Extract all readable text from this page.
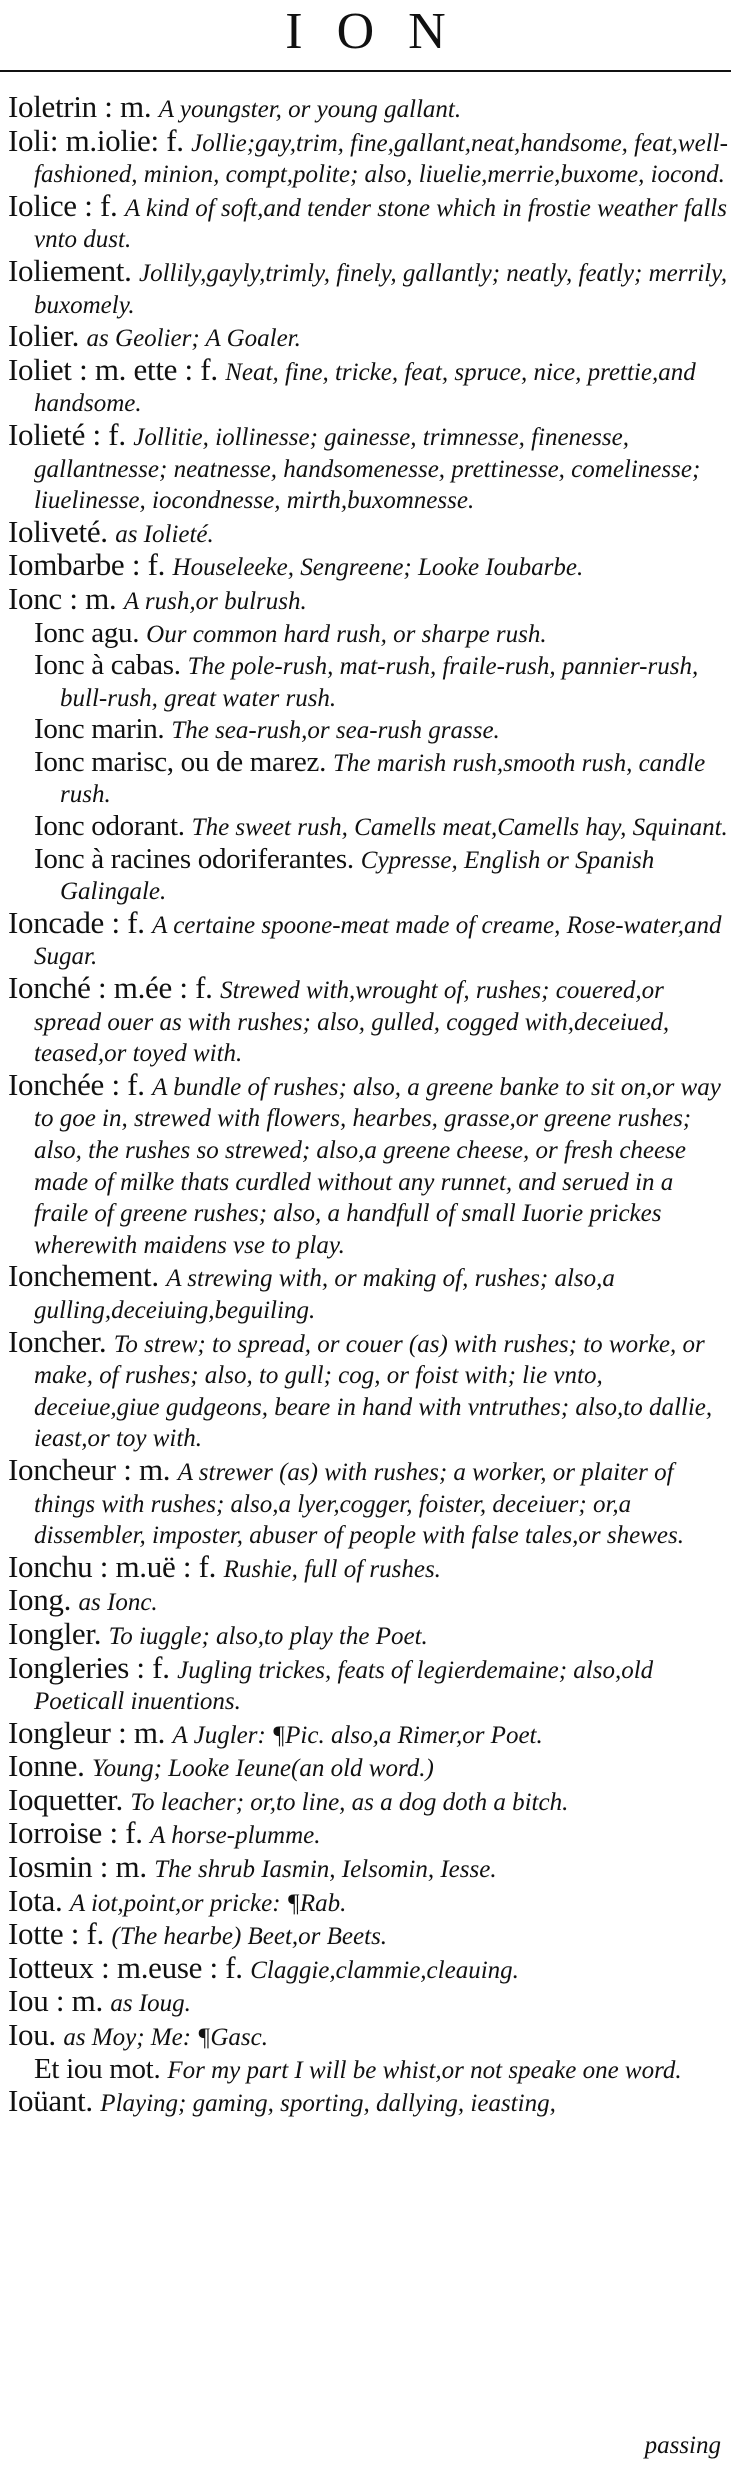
ION

Ioletrin : m. A youngster, or young gallant.

Ioli: m.iolie: f. Jollie;gay,trim, fine,gallant,neat,handsome, feat,well-fashioned, minion, compt,polite; also, liuelie,merrie,buxome, iocond.

Iolice : f. A kind of soft,and tender stone which in frostie weather falls vnto dust.

Ioliement. Jollily,gayly,trimly, finely, gallantly; neatly, featly; merrily, buxomely.

Iolier. as Geolier; A Goaler.

Ioliet : m. ette : f. Neat, fine, tricke, feat, spruce, nice, prettie,and handsome.

Iolieté : f. Jollitie, iollinesse; gainesse, trimnesse, finenesse, gallantnesse; neatnesse, handsomenesse, prettinesse, comelinesse; liuelinesse, iocondnesse, mirth,buxomnesse.

Ioliveté. as Iolieté.

Iombarbe : f. Houseleeke, Sengreene; Looke Ioubarbe.

Ionc : m. A rush,or bulrush.

Ionc agu. Our common hard rush, or sharpe rush.

Ionc à cabas. The pole-rush, mat-rush, fraile-rush, pannier-rush, bull-rush, great water rush.

Ionc marin. The sea-rush,or sea-rush grasse.

Ionc marisc, ou de marez. The marish rush,smooth rush, candle rush.

Ionc odorant. The sweet rush, Camells meat,Camells hay, Squinant.

Ionc à racines odoriferantes. Cypresse, English or Spanish Galingale.

Ioncade : f. A certaine spoone-meat made of creame, Rose-water,and Sugar.

Ionché : m.ée : f. Strewed with,wrought of, rushes; couered,or spread ouer as with rushes; also, gulled, cogged with,deceiued, teased,or toyed with.

Ionchée : f. A bundle of rushes; also, a greene banke to sit on,or way to goe in, strewed with flowers, hearbes, grasse,or greene rushes; also, the rushes so strewed; also,a greene cheese, or fresh cheese made of milke thats curdled without any runnet, and serued in a fraile of greene rushes; also, a handfull of small Iuorie prickes wherewith maidens vse to play.

Ionchement. A strewing with, or making of, rushes; also,a gulling,deceiuing,beguiling.

Ioncher. To strew; to spread, or couer (as) with rushes; to worke, or make, of rushes; also, to gull; cog, or foist with; lie vnto, deceiue,giue gudgeons, beare in hand with vntruthes; also,to dallie, ieast,or toy with.

Ioncheur : m. A strewer (as) with rushes; a worker, or plaiter of things with rushes; also,a lyer,cogger, foister, deceiuer; or,a dissembler, imposter, abuser of people with false tales,or shewes.

Ionchu : m.uë : f. Rushie, full of rushes.

Iong. as Ionc.

Iongler. To iuggle; also,to play the Poet.

Iongleries : f. Jugling trickes, feats of legierdemaine; also,old Poeticall inuentions.

Iongleur : m. A Jugler: ¶Pic. also,a Rimer,or Poet.

Ionne. Young; Looke Ieune(an old word.)

Ioquetter. To leacher; or,to line, as a dog doth a bitch.

Iorroise : f. A horse-plumme.

Iosmin : m. The shrub Iasmin, Ielsomin, Iesse.

Iota. A iot,point,or pricke: ¶Rab.

Iotte : f. (The hearbe) Beet,or Beets.

Iotteux : m.euse : f. Claggie,clammie,cleauing.

Iou : m. as Ioug.

Iou. as Moy; Me: ¶Gasc.

Et iou mot. For my part I will be whist,or not speake one word.

Ioüant. Playing; gaming, sporting, dallying, ieasting,

passing
